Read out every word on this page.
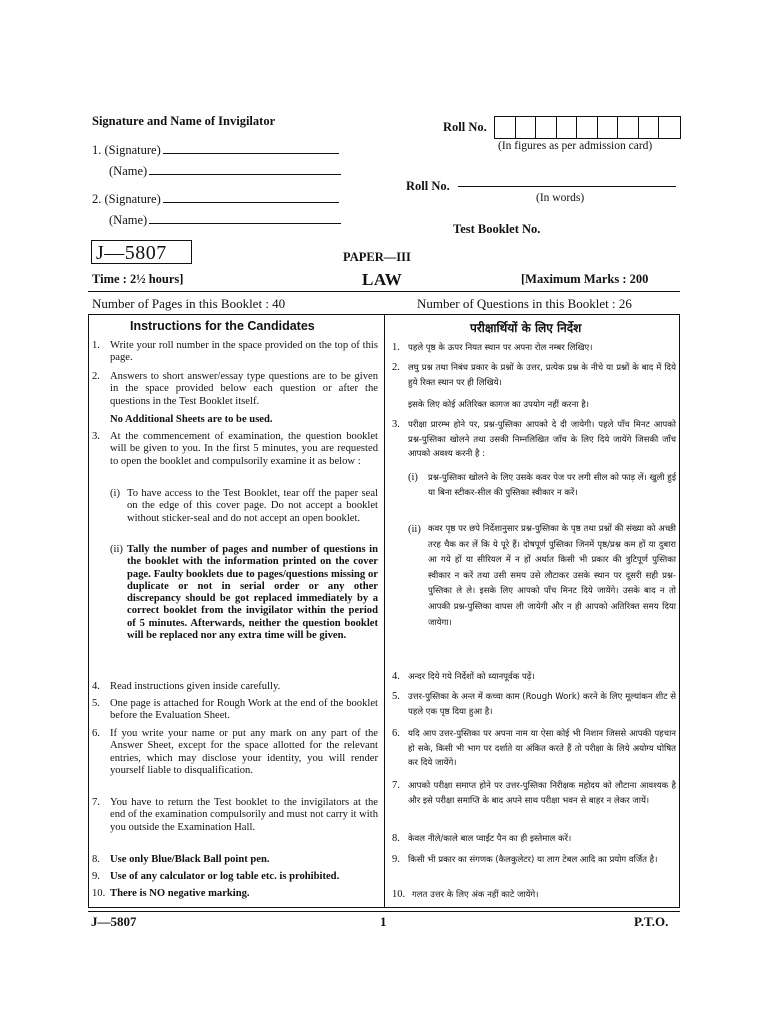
Signature and Name of Invigilator
1. (Signature)
(Name)
2. (Signature)
(Name)
Roll No.
(In figures as per admission card)
Roll No.
(In words)
Test Booklet No.
J—5807	PAPER—III
LAW
Time : 2½ hours]	[Maximum Marks : 200
Number of Pages in this Booklet : 40	Number of Questions in this Booklet : 26
Instructions for the Candidates	परीक्षार्थियों के लिए निर्देश
1. Write your roll number in the space provided on the top of this page.
2. Answers to short answer/essay type questions are to be given in the space provided below each question or after the questions in the Test Booklet itself.
No Additional Sheets are to be used.
3. At the commencement of examination, the question booklet will be given to you. In the first 5 minutes, you are requested to open the booklet and compulsorily examine it as below :
(i) To have access to the Test Booklet, tear off the paper seal on the edge of this cover page. Do not accept a booklet without sticker-seal and do not accept an open booklet.
(ii) Tally the number of pages and number of questions in the booklet with the information printed on the cover page. Faulty booklets due to pages/questions missing or duplicate or not in serial order or any other discrepancy should be got replaced immediately by a correct booklet from the invigilator within the period of 5 minutes. Afterwards, neither the question booklet will be replaced nor any extra time will be given.
4. Read instructions given inside carefully.
5. One page is attached for Rough Work at the end of the booklet before the Evaluation Sheet.
6. If you write your name or put any mark on any part of the Answer Sheet, except for the space allotted for the relevant entries, which may disclose your identity, you will render yourself liable to disqualification.
7. You have to return the Test booklet to the invigilators at the end of the examination compulsorily and must not carry it with you outside the Examination Hall.
8. Use only Blue/Black Ball point pen.
9. Use of any calculator or log table etc. is prohibited.
10. There is NO negative marking.
1. पहले पृष्ठ के ऊपर नियत स्थान पर अपना रोल नम्बर लिखिए।
2. लघु प्रश्न तथा निबंध प्रकार के प्रश्नों के उत्तर, प्रत्येक प्रश्न के नीचे या प्रश्नों के बाद में दिये हुये रिक्त स्थान पर ही लिखिये।
इसके लिए कोई अतिरिक्त कागज का उपयोग नहीं करना है।
3. परीक्षा प्रारम्भ होने पर, प्रश्न-पुस्तिका आपको दे दी जायेगी। पहले पाँच मिनट आपको प्रश्न-पुस्तिका खोलने तथा उसकी निम्नलिखित जाँच के लिए दिये जायेंगे जिसकी जाँच आपको अवश्य करनी है :
(i) प्रश्न-पुस्तिका खोलने के लिए उसके कवर पेज पर लगी सील को फाड़ लें। खुली हुई या बिना स्टीकर-सील की पुस्तिका स्वीकार न करें।
(ii) कवर पृष्ठ पर छपे निर्देशानुसार प्रश्न-पुस्तिका के पृष्ठ तथा प्रश्नों की संख्या को अच्छी तरह चैक कर लें कि ये पूरे हैं। दोषपूर्ण पुस्तिका जिनमें पृष्ठ/प्रश्न कम हों या दुबारा आ गये हों या सीरियल में न हों अर्थात किसी भी प्रकार की त्रुटिपूर्ण पुस्तिका स्वीकार न करें तथा उसी समय उसे लौटाकर उसके स्थान पर दूसरी सही प्रश्न-पुस्तिका ले ले। इसके लिए आपको पाँच मिनट दिये जायेंगे। उसके बाद न तो आपकी प्रश्न-पुस्तिका वापस ली जायेगी और न ही आपको अतिरिक्त समय दिया जायेगा।
4. अन्दर दिये गये निर्देशों को ध्यानपूर्वक पढ़ें।
5. उत्तर-पुस्तिका के अन्त में कच्चा काम (Rough Work) करने के लिए मूल्यांकन शीट से पहले एक पृष्ठ दिया हुआ है।
6. यदि आप उत्तर-पुस्तिका पर अपना नाम या ऐसा कोई भी निशान जिससे आपकी पहचान हो सके, किसी भी भाग पर दर्शाते या अंकित करते हैं तो परीक्षा के लिये अयोग्य घोषित कर दिये जायेंगे।
7. आपको परीक्षा समाप्त होने पर उत्तर-पुस्तिका निरीक्षक महोदय को लौटाना आवश्यक है और इसे परीक्षा समाप्ति के बाद अपने साथ परीक्षा भवन से बाहर न लेकर जायें।
8. केवल नीले/काले बाल प्वाईंट पैन का ही इस्तेमाल करें।
9. किसी भी प्रकार का संगणक (कैलकुलेटर) या लाग टेबल आदि का प्रयोग वर्जित है।
10. गलत उत्तर के लिए अंक नहीं काटे जायेंगे।
J—5807	1	P.T.O.
